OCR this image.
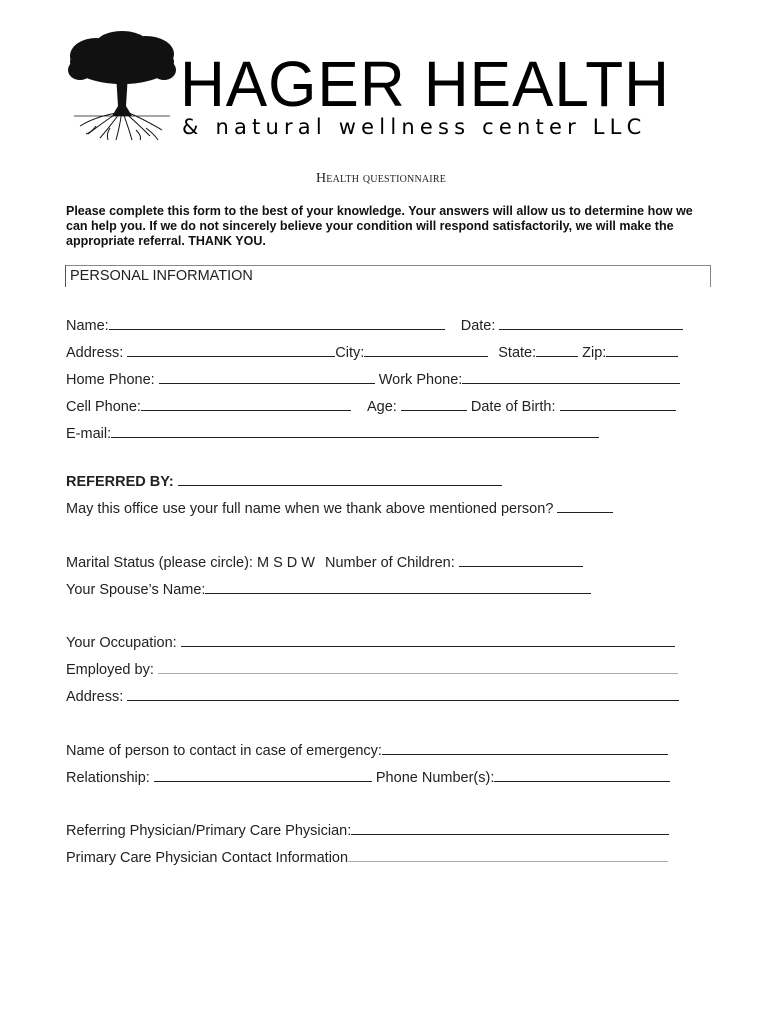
HAGER HEALTH
& natural wellness center LLC
Health questionnaire
Please complete this form to the best of your knowledge. Your answers will allow us to determine how we can help you. If we do not sincerely believe your condition will respond satisfactorily, we will make the appropriate referral. THANK YOU.
PERSONAL INFORMATION
Name:	Date:
Address:	City:	State:	Zip:
Home Phone:	Work Phone:
Cell Phone:	Age:	Date of Birth:
E-mail:
REFERRED BY:
May this office use your full name when we thank above mentioned person?
Marital Status (please circle): M S D W Number of Children:
Your Spouse’s Name:
Your Occupation:
Employed by:
Address:
Name of person to contact in case of emergency:
Relationship:	Phone Number(s):
Referring Physician/Primary Care Physician:
Primary Care Physician Contact Information
